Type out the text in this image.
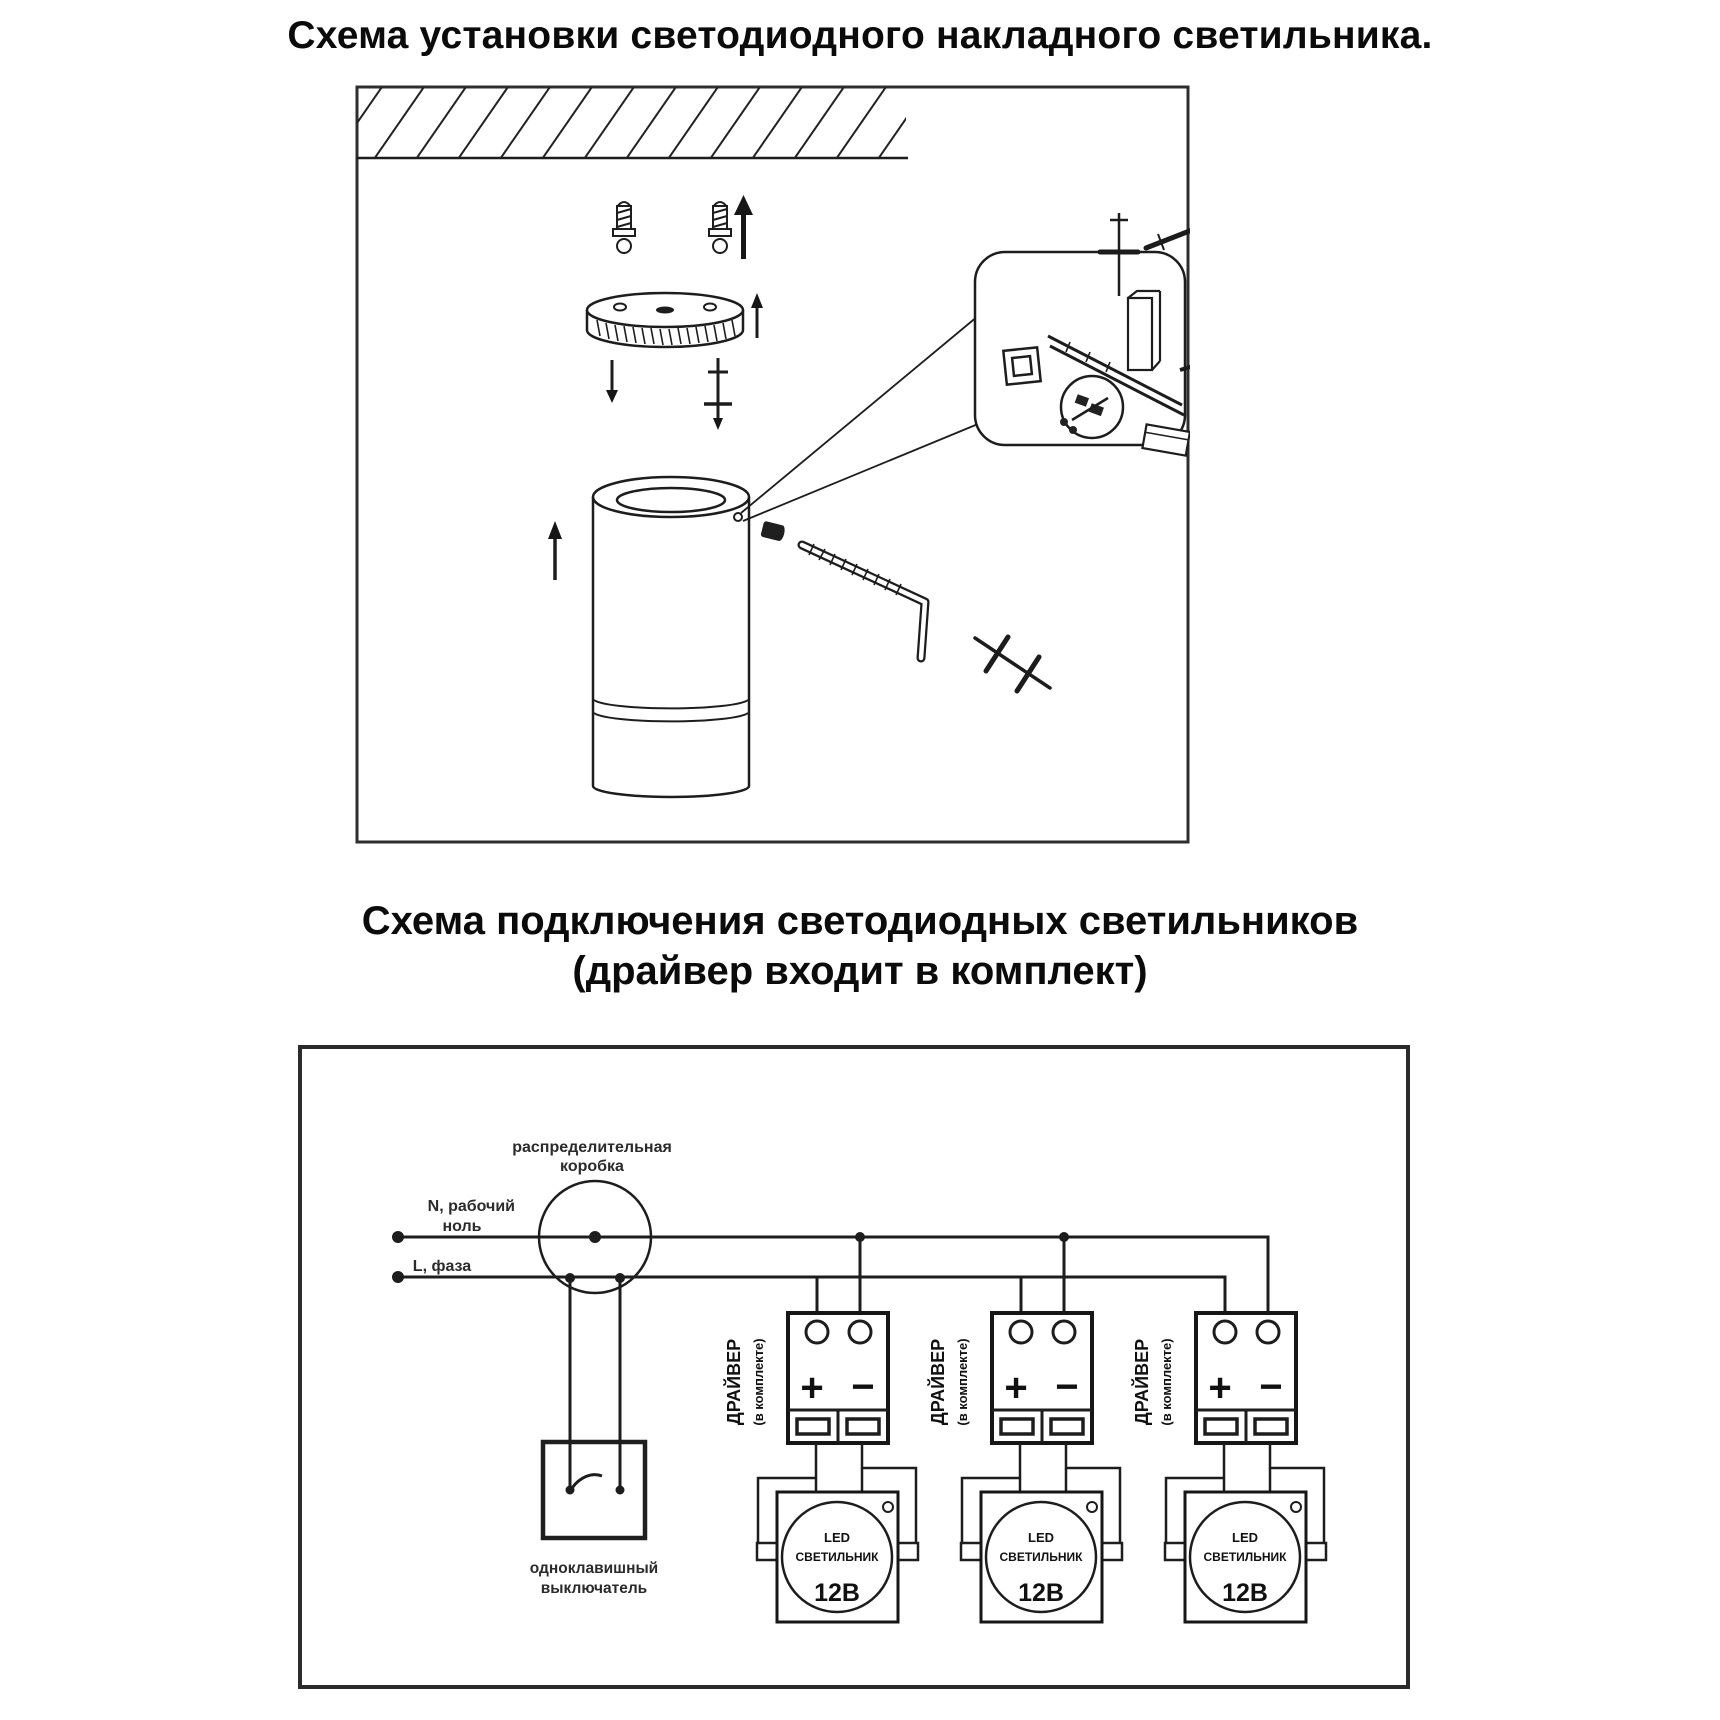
Схема установки светодиодного накладного светильника.
Схема подключения светодиодных светильников
(драйвер входит в комплект)
распределительная
коробка
N, рабочий
ноль
L, фаза
одноклавишный
выключатель
ДРАЙВЕР (в комплекте) + −
LED
СВЕТИЛЬНИК
12В
ДРАЙВЕР (в комплекте) + −
LED
СВЕТИЛЬНИК
12В
ДРАЙВЕР (в комплекте) + −
LED
СВЕТИЛЬНИК
12В
